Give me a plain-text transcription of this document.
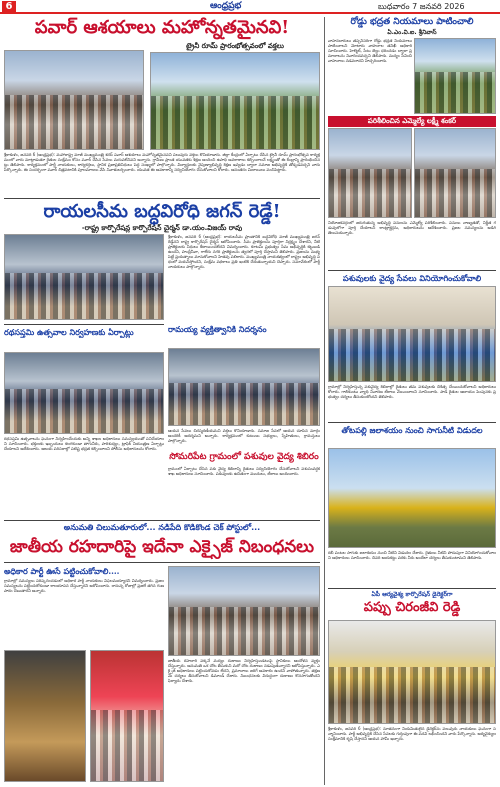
6	ఆంధ్రప్రభ	బుధవారం 7 జనవరి 2026
పవార్ ఆశయాలు మహోన్నతమైనవి!
ట్రైనీ రూమ్ ప్రారంభోత్సవంలో వక్తలు
శ్రీకాకుళం, జనవరి 6 (ఆంధ్రప్రభ): మహారాష్ట్ర మాజీ ముఖ్యమంత్రి శరద్ పవార్ ఆశయాలు మహోన్నతమైనవని పలువురు వక్తలు కొనియాడారు. జిల్లా కేంద్రంలో ఏర్పాటు చేసిన ట్రైనీ రూమ్ ప్రారంభోత్సవ కార్యక్రమంలో వారు మాట్లాడుతూ రైతుల సంక్షేమం కోసం పవార్ చేసిన సేవలు మరువలేనివని అన్నారు. గ్రామీణ ప్రాంత యువతకు శిక్షణ అందించి ఉపాధి అవకాశాలు కల్పించాలనే లక్ష్యంతో ఈ కేంద్రాన్ని ప్రారంభించినట్లు తెలిపారు. కార్యక్రమంలో పార్టీ నాయకులు, కార్యకర్తలు, స్థానిక ప్రజాప్రతినిధులు పెద్ద సంఖ్యలో పాల్గొన్నారు. విద్యార్థులకు నైపుణ్యాభివృద్ధి శిక్షణ ఇవ్వడం ద్వారా సమాజ అభివృద్ధికి తోడ్పడవచ్చని వారు పేర్కొన్నారు. ఈ సందర్భంగా పవార్ చిత్రపటానికి పూలమాలలు వేసి నివాళులర్పించారు. యువత ఈ అవకాశాన్ని సద్వినియోగం చేసుకోవాలని కోరారు. అనంతరం మిఠాయిలు పంచిపెట్టారు.
రాయలసీమ బద్ధవిరోధి జగన్ రెడ్డే!
-రాష్ట్ర కార్పొరేషన్ల కార్పొరేషన్ చైర్మన్ డా.యం.విజయ్ రావు
శ్రీకాకుళం, జనవరి 6 (ఆంధ్రప్రభ): రాయలసీమ ప్రాంతానికి బద్ధవిరోధి మాజీ ముఖ్యమంత్రి జగన్ రెడ్డేనని రాష్ట్ర కార్పొరేషన్ చైర్మన్ ఆరోపించారు. సీమ ప్రాజెక్టులను పూర్తిగా నిర్లక్ష్యం చేశారని, నీటి ప్రాజెక్టులకు నిధులు కేటాయించలేదని విమర్శించారు. కూటమి ప్రభుత్వం సీమ అభివృద్ధికి కట్టుబడి ఉందని, హంద్రీనీవా, గాలేరు నగరి ప్రాజెక్టులను త్వరలో పూర్తి చేస్తామని తెలిపారు. ప్రజలను మభ్యపెట్టే ప్రయత్నాలు మానుకోవాలని హితవు పలికారు. ముఖ్యమంత్రి నాయకత్వంలో రాష్ట్రం అభివృద్ధి పథంలో పయనిస్తోందని, సంక్షేమ పథకాలు ప్రతి ఇంటికి చేరుతున్నాయని చెప్పారు. సమావేశంలో పార్టీ నాయకులు పాల్గొన్నారు.
రథసప్తమి ఉత్సవాల నిర్వహణకు ఏర్పాట్లు
రథసప్తమి ఉత్సవాలను ఘనంగా నిర్వహించేందుకు అన్ని శాఖల అధికారులు సమన్వయంతో పనిచేయాలని సూచించారు. భక్తులకు ఇబ్బందులు కలగకుండా తాగునీరు, పారిశుధ్యం, ట్రాఫిక్ నియంత్రణ ఏర్పాట్లు చేయాలని ఆదేశించారు. ఆలయ పరిసరాల్లో పటిష్ట భద్రత కల్పించాలని పోలీసు అధికారులను కోరారు.
రామయ్య వ్యక్తిత్వానికి నిదర్శనం
ఆయన సేవలు చిరస్మరణీయమని వక్తలు కొనియాడారు. సమాజ సేవలో ఆయన చూపిన మార్గం అందరికీ ఆదర్శమని అన్నారు. కార్యక్రమంలో కుటుంబ సభ్యులు, స్నేహితులు, గ్రామస్తులు పాల్గొన్నారు.
సోమరిపేట గ్రామంలో పశువుల వైద్య శిబిరం
గ్రామంలో ఏర్పాటు చేసిన పశు వైద్య శిబిరాన్ని రైతులు సద్వినియోగం చేసుకోవాలని పశుసంవర్ధక శాఖ అధికారులు సూచించారు. పశువులకు ఉచితంగా మందులు, టీకాలు అందించారు.
అనుమతి చిలుమతూరులో... నడిపేది కొడికొండ చెక్ పోస్టులో...
జాతీయ రహదారిపై ఇదేనా ఎక్సైజ్ నిబంధనలు
అధికార పార్టీ ఊసే పట్టించుకోవాలి....
గ్రామాల్లో సమస్యలు పరిష్కరించడంలో అధికార పార్టీ నాయకులు విఫలమయ్యారని విమర్శించారు. ప్రజల సమస్యలను పట్టించుకోకుండా కాలయాపన చేస్తున్నారని ఆరోపించారు. రానున్న రోజుల్లో ప్రజలే తగిన గుణపాఠం చెబుతారని అన్నారు.
జాతీయ రహదారి పక్కనే మద్యం దుకాణం నిర్వహిస్తుండటంపై స్థానికులు ఆందోళన వ్యక్తం చేస్తున్నారు. అనుమతి ఒక చోట తీసుకుని మరో చోట దుకాణం నడుపుతున్నారని ఆరోపిస్తున్నారు. ఎక్సైజ్ అధికారులు పట్టించుకోవడం లేదని, ప్రమాదాలు జరిగే అవకాశం ఉందని వాపోతున్నారు. తక్షణమే చర్యలు తీసుకోవాలని డిమాండ్ చేశారు. నిబంధనలకు విరుద్ధంగా దుకాణం కొనసాగుతోందని ఫిర్యాదు చేశారు.
రోడ్డు భద్రత నియమాలు పాటించాలి
ఏ.ఎం.వి.ఐ. శ్రీనివాస్
వాహనదారులు తప్పనిసరిగా రోడ్డు భద్రత నియమాలు పాటించాలని మోటారు వాహనాల తనిఖీ అధికారి సూచించారు. హెల్మెట్, సీటు బెల్టు ధరించడం ద్వారా ప్రమాదాలను నివారించవచ్చని తెలిపారు. మద్యం సేవించి వాహనాలు నడపరాదని హెచ్చరించారు.
పరిశీలించిన ఎమ్మెల్యే లక్ష్మీ శంకర్
నియోజకవర్గంలో జరుగుతున్న అభివృద్ధి పనులను ఎమ్మెల్యే పరిశీలించారు. పనులు నాణ్యతతో, నిర్ణీత గడువులోగా పూర్తి చేయాలని కాంట్రాక్టర్లను, అధికారులను ఆదేశించారు. ప్రజల సమస్యలను అడిగి తెలుసుకున్నారు.
పశువులకు వైద్య సేవలు వినియోగించుకోవాలి
గ్రామాల్లో నిర్వహిస్తున్న పశువైద్య శిబిరాల్లో రైతులు తమ పశువులకు చికిత్స చేయించుకోవాలని అధికారులు కోరారు. గాలికుంటు వ్యాధి నివారణ టీకాలు వేయించాలని సూచించారు. పాడి రైతుల ఆదాయం పెంపునకు ప్రభుత్వం చర్యలు తీసుకుంటోందని తెలిపారు.
తోటపల్లి జలాశయం నుంచి సాగునీటి విడుదల
రబీ పంటల సాగుకు జలాశయం నుంచి నీటిని విడుదల చేశారు. రైతులు నీటిని పొదుపుగా వినియోగించుకోవాలని అధికారులు సూచించారు. చివరి ఆయకట్టు వరకు నీరు అందేలా చర్యలు తీసుకుంటామని తెలిపారు.
ఏపీ ఆర్యవైశ్య కార్పొరేషన్ డైరెక్టర్‌గా
పప్పు చిరంజీవి రెడ్డి
శ్రీకాకుళం, జనవరి 6 (ఆంధ్రప్రభ): నూతనంగా నియమితులైన డైరెక్టర్‌ను పలువురు నాయకులు ఘనంగా సన్మానించారు. పార్టీ అభివృద్ధికి చేసిన సేవలకు గుర్తింపుగా ఈ పదవి లభించిందని వారు పేర్కొన్నారు. ఆర్యవైశ్యుల సంక్షేమానికి కృషి చేస్తానని ఆయన హామీ ఇచ్చారు.
